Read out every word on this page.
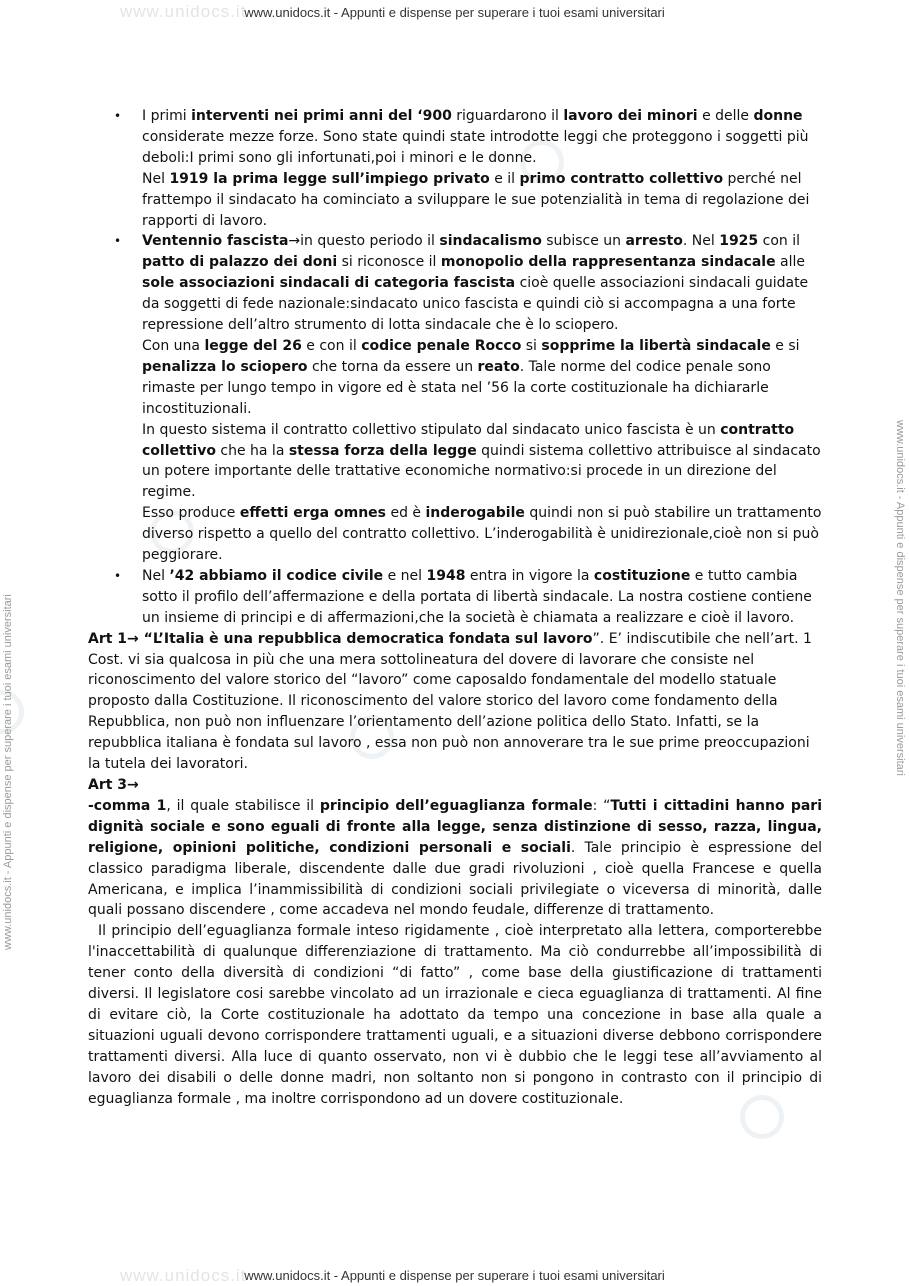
www.unidocs.it
www.unidocs.it
www.unidocs.it - Appunti e dispense per superare i tuoi esami universitari
www.unidocs.it - Appunti e dispense per superare i tuoi esami universitari	www.unidocs.it - Appunti e dispense per superare i tuoi esami universitari
• I primi interventi nei primi anni del ‘900 riguardarono il lavoro dei minori e delle donne considerate mezze forze. Sono state quindi state introdotte leggi che proteggono i soggetti più deboli:I primi sono gli infortunati,poi i minori e le donne.

Nel 1919 la prima legge sull’impiego privato e il primo contratto collettivo perché nel frattempo il sindacato ha cominciato a sviluppare le sue potenzialità in tema di regolazione dei rapporti di lavoro.

• Ventennio fascista→in questo periodo il sindacalismo subisce un arresto. Nel 1925 con il patto di palazzo dei doni si riconosce il monopolio della rappresentanza sindacale alle sole associazioni sindacali di categoria fascista cioè quelle associazioni sindacali guidate da soggetti di fede nazionale:sindacato unico fascista e quindi ciò si accompagna a una forte repressione dell’altro strumento di lotta sindacale che è lo sciopero.

Con una legge del 26 e con il codice penale Rocco si sopprime la libertà sindacale e si penalizza lo sciopero che torna da essere un reato. Tale norme del codice penale sono rimaste per lungo tempo in vigore ed è stata nel ’56 la corte costituzionale ha dichiararle incostituzionali.

In questo sistema il contratto collettivo stipulato dal sindacato unico fascista è un contratto collettivo che ha la stessa forza della legge quindi sistema collettivo attribuisce al sindacato un potere importante delle trattative economiche normativo:si procede in un direzione del regime.

Esso produce effetti erga omnes ed è inderogabile quindi non si può stabilire un trattamento diverso rispetto a quello del contratto collettivo. L’inderogabilità è unidirezionale,cioè non si può peggiorare.

• Nel ’42 abbiamo il codice civile e nel 1948 entra in vigore la costituzione e tutto cambia sotto il profilo dell’affermazione e della portata di libertà sindacale. La nostra costiene contiene un insieme di principi e di affermazioni,che la società è chiamata a realizzare e cioè il lavoro.

Art 1→ “L’Italia è una repubblica democratica fondata sul lavoro”. E’ indiscutibile che nell’art. 1 Cost. vi sia qualcosa in più che una mera sottolineatura del dovere di lavorare che consiste nel riconoscimento del valore storico del “lavoro” come caposaldo fondamentale del modello statuale proposto dalla Costituzione. Il riconoscimento del valore storico del lavoro come fondamento della Repubblica, non può non influenzare l’orientamento dell’azione politica dello Stato. Infatti, se la repubblica italiana è fondata sul lavoro , essa non può non annoverare tra le sue prime preoccupazioni la tutela dei lavoratori.

Art 3→

-comma 1, il quale stabilisce il principio dell’eguaglianza formale: “Tutti i cittadini hanno pari dignità sociale e sono eguali di fronte alla legge, senza distinzione di sesso, razza, lingua, religione, opinioni politiche, condizioni personali e sociali. Tale principio è espressione del classico paradigma liberale, discendente dalle due gradi rivoluzioni , cioè quella Francese e quella Americana, e implica l’inammissibilità di condizioni sociali privilegiate o viceversa di minorità, dalle quali possano discendere , come accadeva nel mondo feudale, differenze di trattamento.

Il principio dell’eguaglianza formale inteso rigidamente , cioè interpretato alla lettera, comporterebbe l'inaccettabilità di qualunque differenziazione di trattamento. Ma ciò condurrebbe all’impossibilità di tener conto della diversità di condizioni “di fatto” , come base della giustificazione di trattamenti diversi. Il legislatore cosi sarebbe vincolato ad un irrazionale e cieca eguaglianza di trattamenti. Al fine di evitare ciò, la Corte costituzionale ha adottato da tempo una concezione in base alla quale a situazioni uguali devono corrispondere trattamenti uguali, e a situazioni diverse debbono corrispondere trattamenti diversi. Alla luce di quanto osservato, non vi è dubbio che le leggi tese all’avviamento al lavoro dei disabili o delle donne madri, non soltanto non si pongono in contrasto con il principio di eguaglianza formale , ma inoltre corrispondono ad un dovere costituzionale.

www.unidocs.it - Appunti e dispense per superare i tuoi esami universitari
